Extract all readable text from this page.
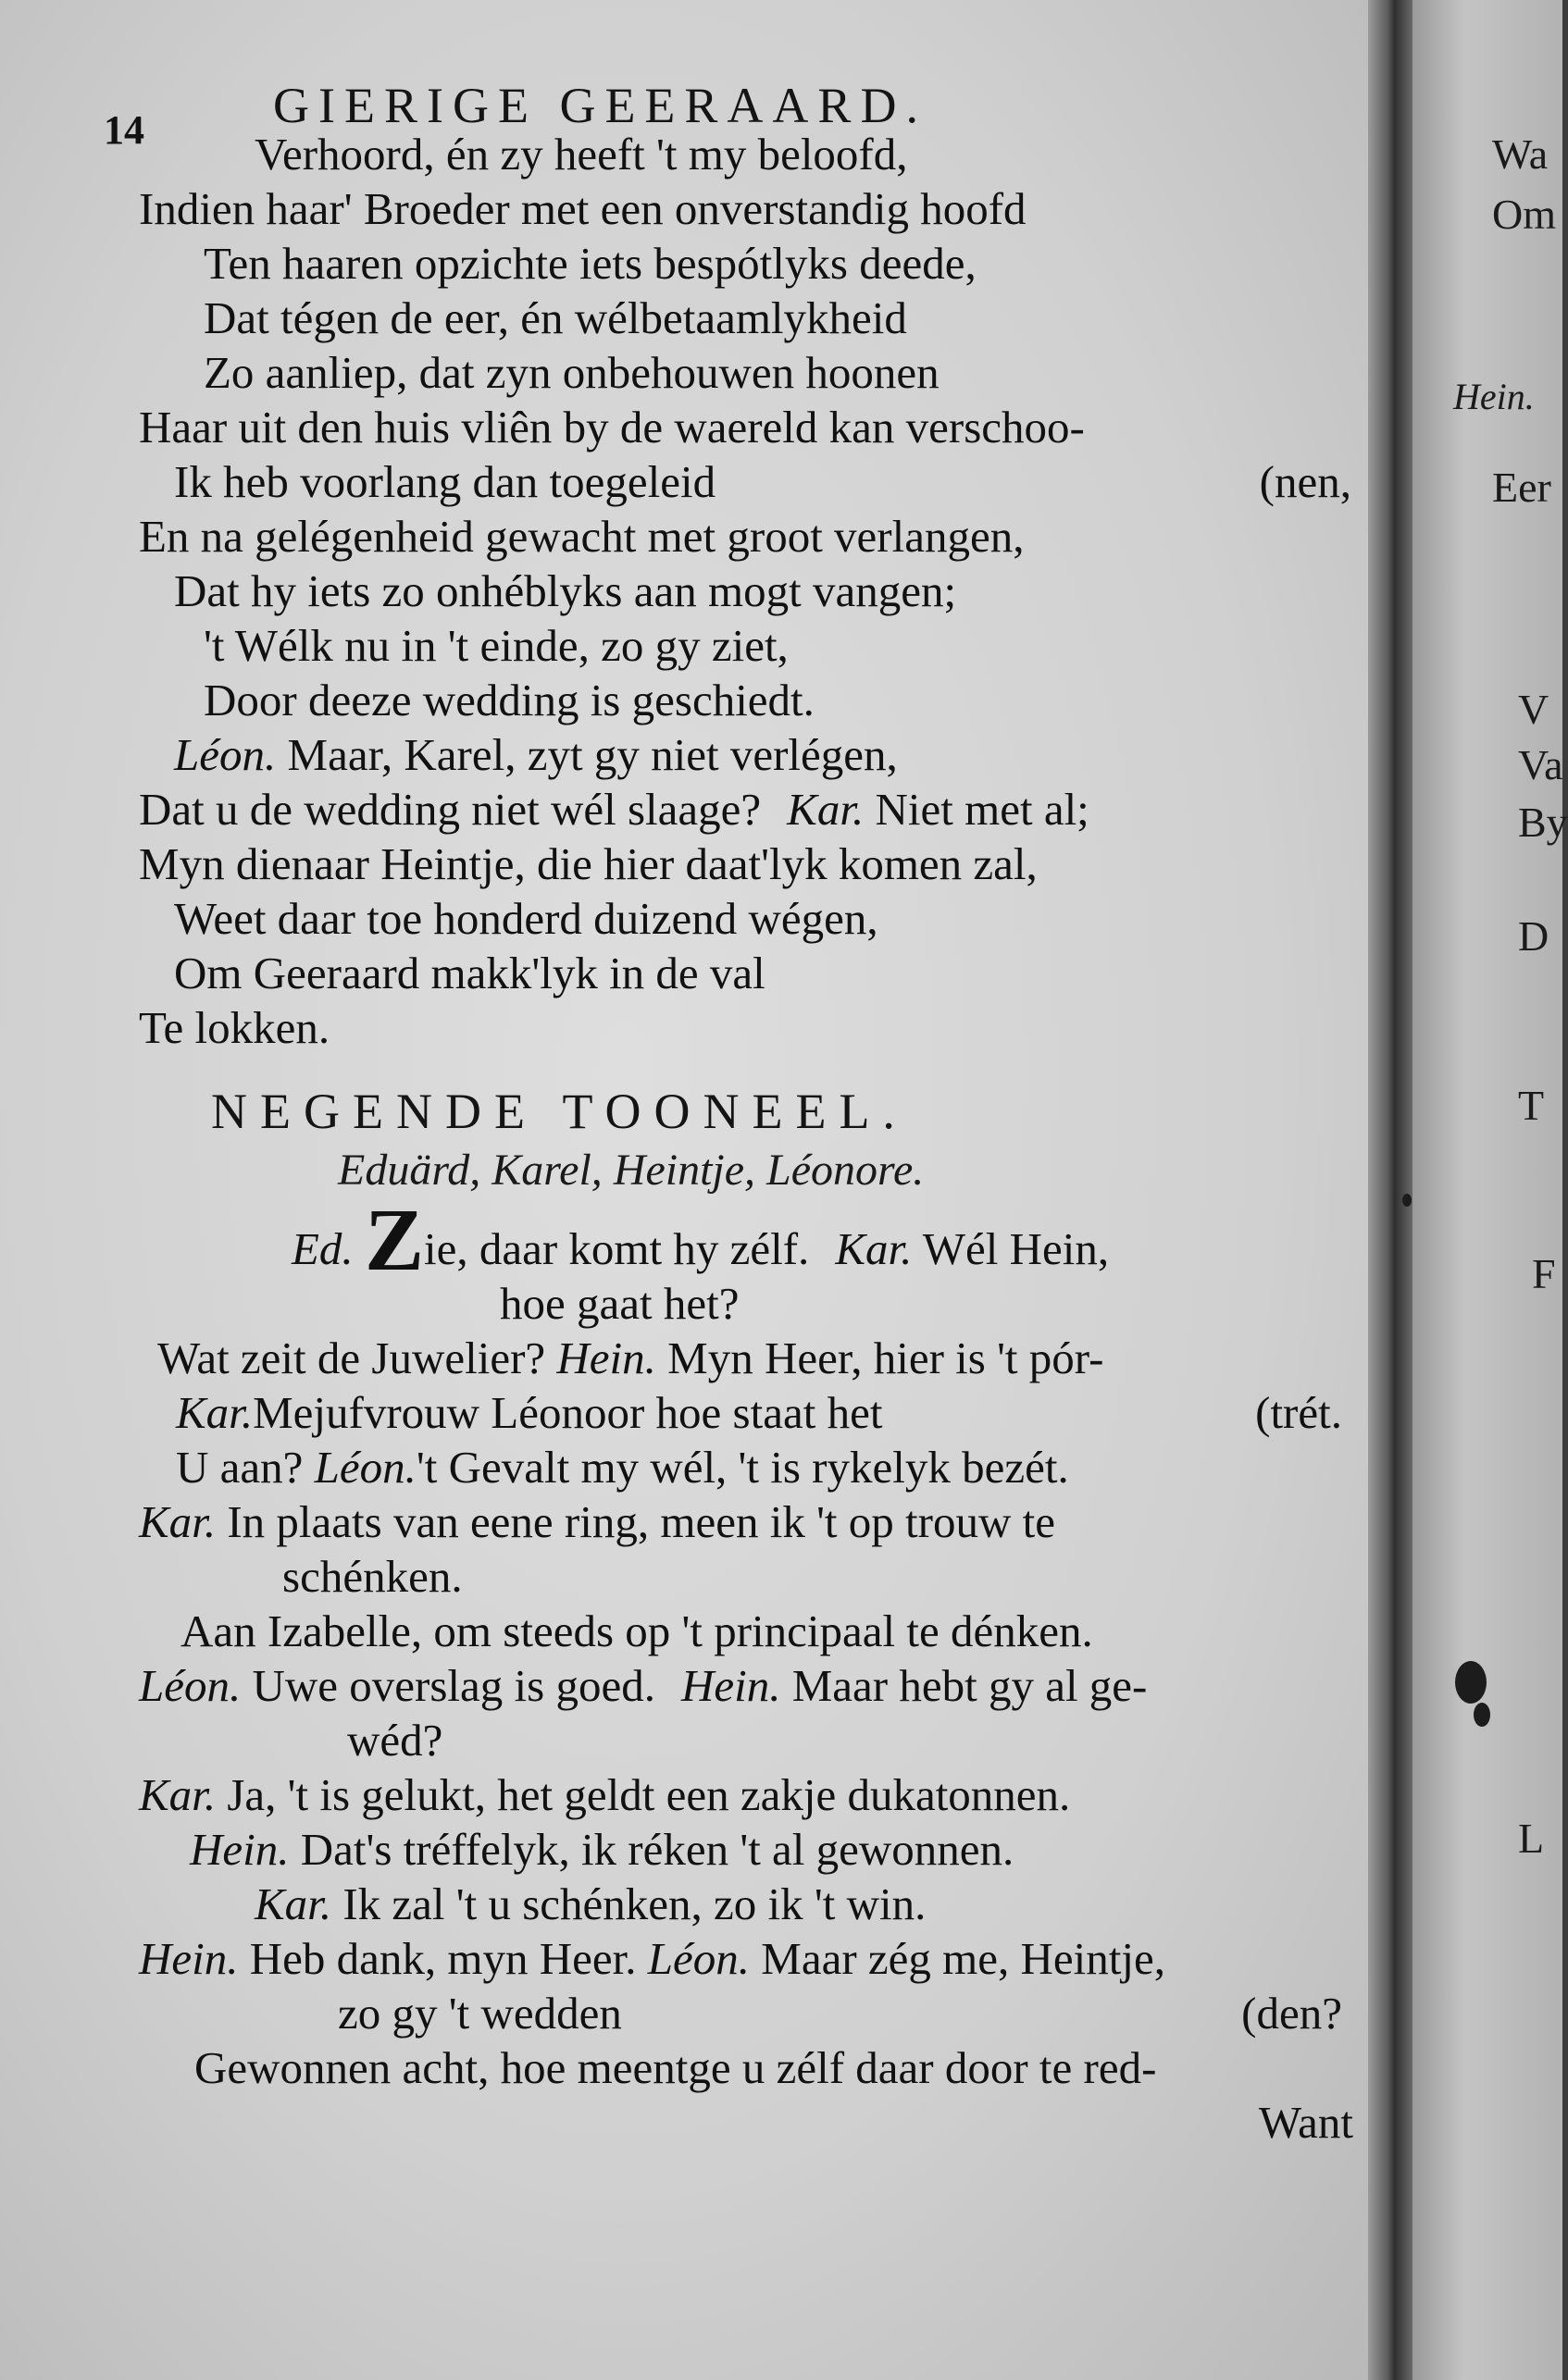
14	GIERIGE GEERAARD.
Verhoord, én zy heeft 't my beloofd,
Indien haar' Broeder met een onverstandig hoofd
Ten haaren opzichte iets bespótlyks deede,
Dat tégen de eer, én wélbetaamlykheid
Zo aanliep, dat zyn onbehouwen hoonen
Haar uit den huis vliên by de waereld kan verschoo-
Ik heb voorlang dan toegeleid	(nen,
En na gelégenheid gewacht met groot verlangen,
Dat hy iets zo onhéblyks aan mogt vangen;
't Wélk nu in 't einde, zo gy ziet,
Door deeze wedding is geschiedt.
Léon. Maar, Karel, zyt gy niet verlégen,
Dat u de wedding niet wél slaage? Kar. Niet met al;
Myn dienaar Heintje, die hier daat'lyk komen zal,
Weet daar toe honderd duizend wégen,
Om Geeraard makk'lyk in de val
Te lokken.
NEGENDE TOONEEL.
Eduärd, Karel, Heintje, Léonore.
Ed. Zie, daar komt hy zélf. Kar. Wél Hein,
hoe gaat het?
Wat zeit de Juwelier? Hein. Myn Heer, hier is 't pór-
Kar.Mejufvrouw Léonoor hoe staat het	(trét.
U aan? Léon.'t Gevalt my wél, 't is rykelyk bezét.
Kar. In plaats van eene ring, meen ik 't op trouw te
schénken.
Aan Izabelle, om steeds op 't principaal te dénken.
Léon. Uwe overslag is goed. Hein. Maar hebt gy al ge-
wéd?
Kar. Ja, 't is gelukt, het geldt een zakje dukatonnen.
Hein. Dat's tréffelyk, ik réken 't al gewonnen.
Kar. Ik zal 't u schénken, zo ik 't win.
Hein. Heb dank, myn Heer. Léon. Maar zég me, Heintje,
zo gy 't wedden	(den?
Gewonnen acht, hoe meentge u zélf daar door te red-
Want
Wa
Om
Hein.
Eer
V
Va
By
D
T
F
L
